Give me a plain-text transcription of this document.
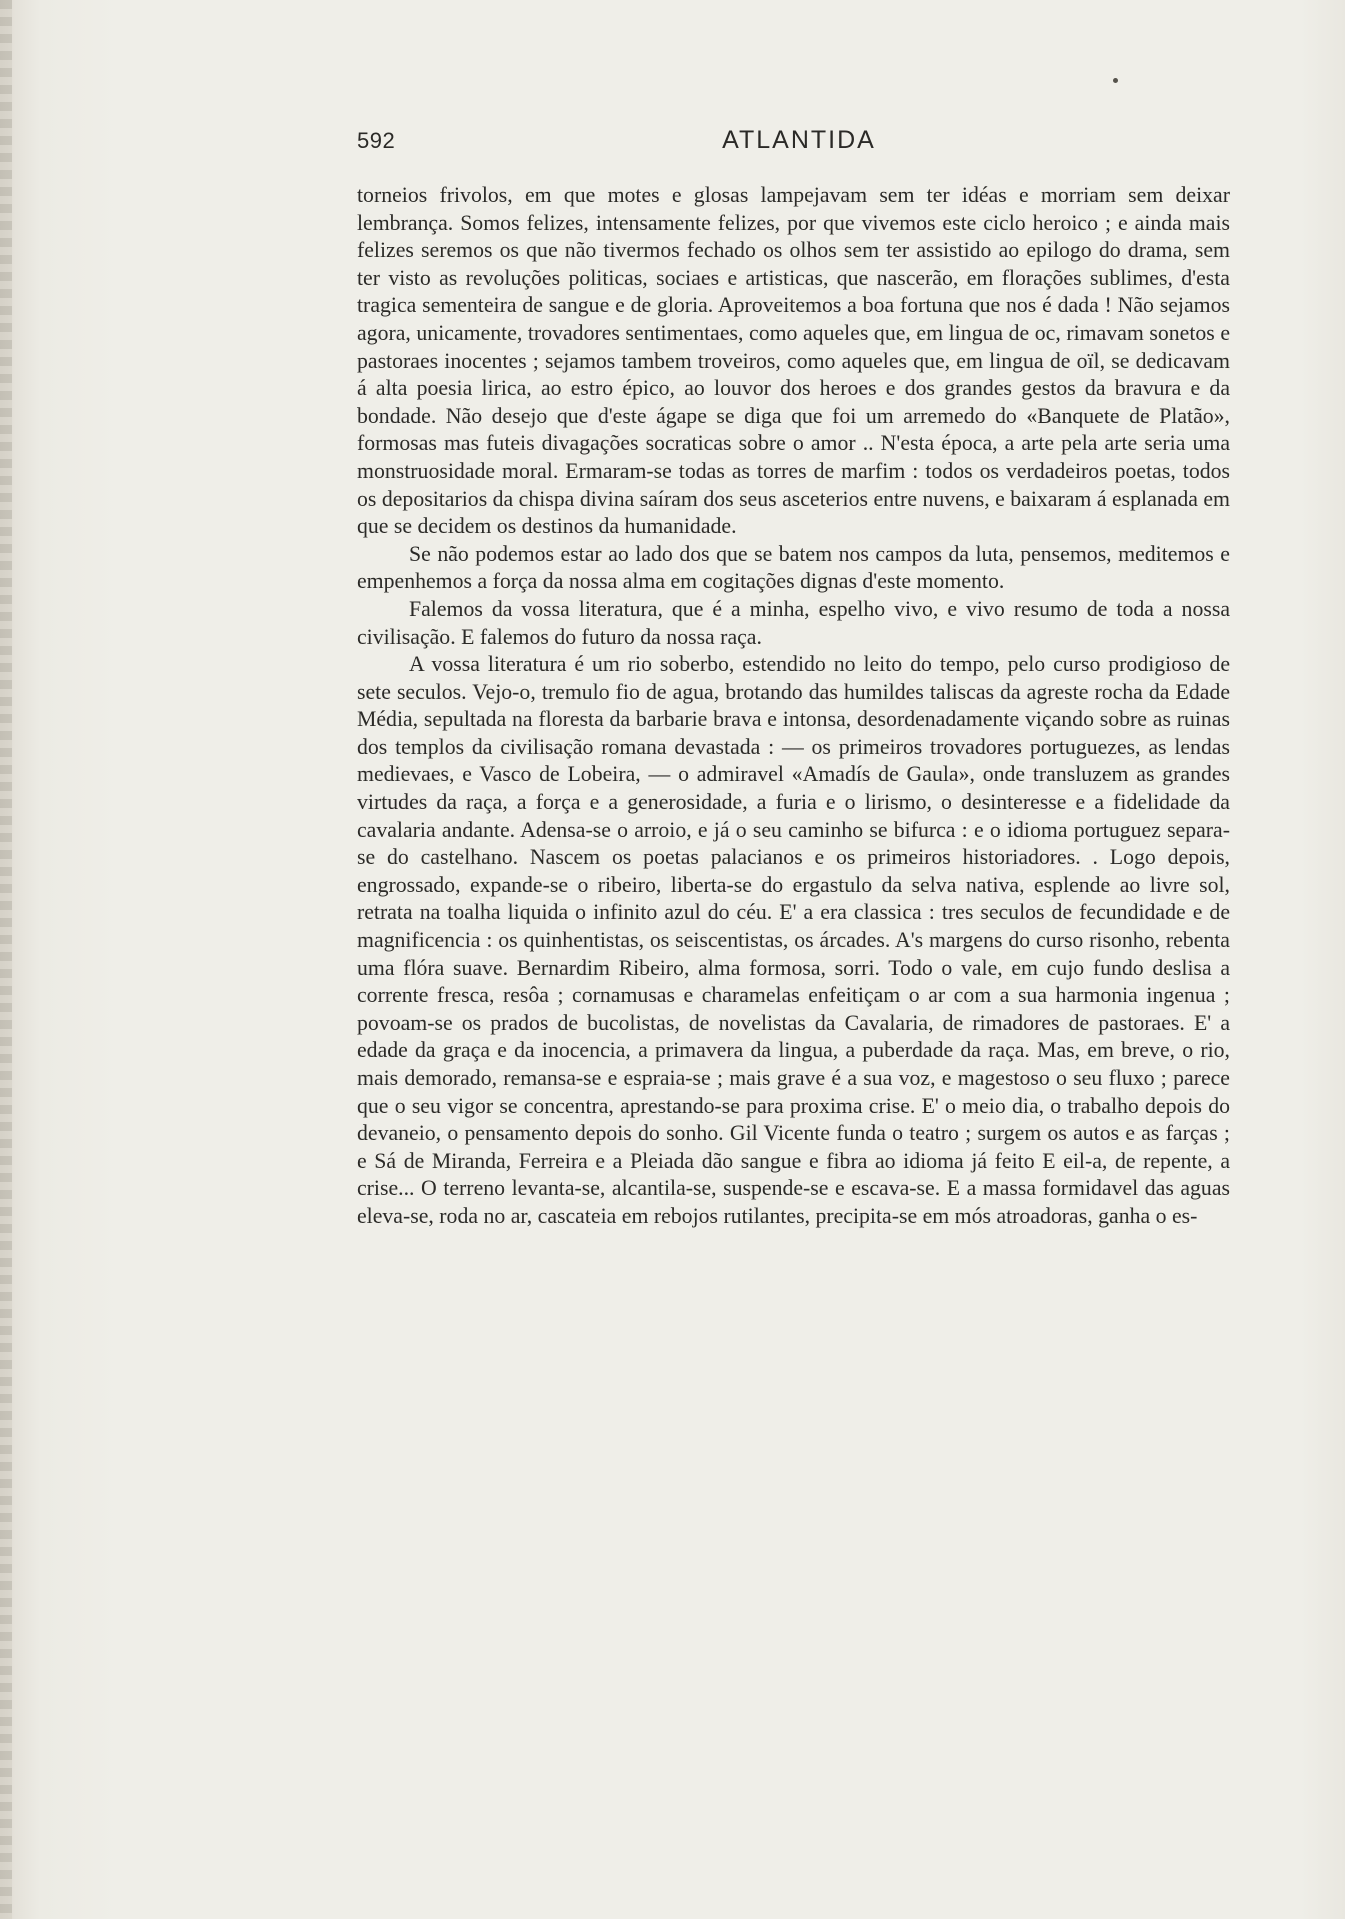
592	ATLANTIDA

torneios frivolos, em que motes e glosas lampejavam sem ter idéas e morriam sem deixar lembrança. Somos felizes, intensamente felizes, por que vivemos este ciclo heroico ; e ainda mais felizes seremos os que não tivermos fechado os olhos sem ter assistido ao epilogo do drama, sem ter visto as revoluções politicas, sociaes e artisticas, que nascerão, em florações sublimes, d'esta tragica sementeira de sangue e de gloria. Aproveitemos a boa fortuna que nos é dada ! Não sejamos agora, unicamente, trovadores sentimentaes, como aqueles que, em lingua de oc, rimavam sonetos e pastoraes inocentes ; sejamos tambem troveiros, como aqueles que, em lingua de oïl, se dedicavam á alta poesia lirica, ao estro épico, ao louvor dos heroes e dos grandes gestos da bravura e da bondade. Não desejo que d'este ágape se diga que foi um arremedo do «Banquete de Platão», formosas mas futeis divagações socraticas sobre o amor .. N'esta época, a arte pela arte seria uma monstruosidade moral. Ermaram-se todas as torres de marfim : todos os verdadeiros poetas, todos os depositarios da chispa divina saíram dos seus asceterios entre nuvens, e baixaram á esplanada em que se decidem os destinos da humanidade.

Se não podemos estar ao lado dos que se batem nos campos da luta, pensemos, meditemos e empenhemos a força da nossa alma em cogitações dignas d'este momento.

Falemos da vossa literatura, que é a minha, espelho vivo, e vivo resumo de toda a nossa civilisação. E falemos do futuro da nossa raça.

A vossa literatura é um rio soberbo, estendido no leito do tempo, pelo curso prodigioso de sete seculos. Vejo-o, tremulo fio de agua, brotando das humildes taliscas da agreste rocha da Edade Média, sepultada na floresta da barbarie brava e intonsa, desordenadamente viçando sobre as ruinas dos templos da civilisação romana devastada : — os primeiros trovadores portuguezes, as lendas medievaes, e Vasco de Lobeira, — o admiravel «Amadís de Gaula», onde transluzem as grandes virtudes da raça, a força e a generosidade, a furia e o lirismo, o desinteresse e a fidelidade da cavalaria andante. Adensa-se o arroio, e já o seu caminho se bifurca : e o idioma portuguez separa-se do castelhano. Nascem os poetas palacianos e os primeiros historiadores. . Logo depois, engrossado, expande-se o ribeiro, liberta-se do ergastulo da selva nativa, esplende ao livre sol, retrata na toalha liquida o infinito azul do céu. E' a era classica : tres seculos de fecundidade e de magnificencia : os quinhentistas, os seiscentistas, os árcades. A's margens do curso risonho, rebenta uma flóra suave. Bernardim Ribeiro, alma formosa, sorri. Todo o vale, em cujo fundo deslisa a corrente fresca, resôa ; cornamusas e charamelas enfeitiçam o ar com a sua harmonia ingenua ; povoam-se os prados de bucolistas, de novelistas da Cavalaria, de rimadores de pastoraes. E' a edade da graça e da inocencia, a primavera da lingua, a puberdade da raça. Mas, em breve, o rio, mais demorado, remansa-se e espraia-se ; mais grave é a sua voz, e magestoso o seu fluxo ; parece que o seu vigor se concentra, aprestando-se para proxima crise. E' o meio dia, o trabalho depois do devaneio, o pensamento depois do sonho. Gil Vicente funda o teatro ; surgem os autos e as farças ; e Sá de Miranda, Ferreira e a Pleiada dão sangue e fibra ao idioma já feito E eil-a, de repente, a crise... O terreno levanta-se, alcantila-se, suspende-se e escava-se. E a massa formidavel das aguas eleva-se, roda no ar, cascateia em rebojos rutilantes, precipita-se em mós atroadoras, ganha o es-
